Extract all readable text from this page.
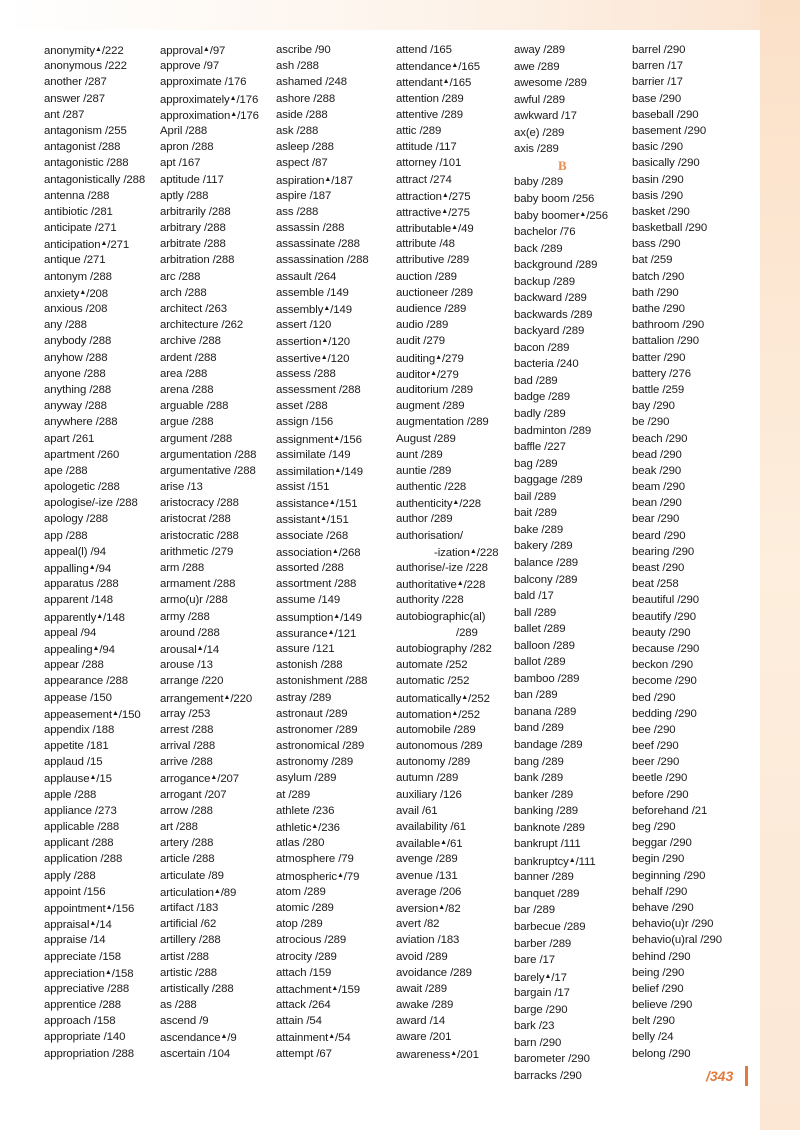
anonymity▲/222
anonymous /222
another /287
answer /287
ant /287
antagonism /255
antagonist /288
antagonistic /288
antagonistically /288
antenna /288
antibiotic /281
anticipate /271
anticipation▲/271
antique /271
antonym /288
anxiety▲/208
anxious /208
any /288
anybody /288
anyhow /288
anyone /288
anything /288
anyway /288
anywhere /288
apart /261
apartment /260
ape /288
apologetic /288
apologise/-ize /288
apology /288
app /288
appeal(l) /94
appalling▲/94
apparatus /288
apparent /148
apparently▲/148
appeal /94
appealing▲/94
appear /288
appearance /288
appease /150
appeasement▲/150
appendix /188
appetite /181
applaud /15
applause▲/15
apple /288
appliance /273
applicable /288
applicant /288
application /288
apply /288
appoint /156
appointment▲/156
appraisal▲/14
appraise /14
appreciate /158
appreciation▲/158
appreciative /288
apprentice /288
approach /158
appropriate /140
appropriation /288
approval▲/97
approve /97
approximate /176
approximately▲/176
approximation▲/176
April /288
apron /288
apt /167
aptitude /117
aptly /288
arbitrarily /288
arbitrary /288
arbitrate /288
arbitration /288
arc /288
arch /288
architect /263
architecture /262
archive /288
ardent /288
area /288
arena /288
arguable /288
argue /288
argument /288
argumentation /288
argumentative /288
arise /13
aristocracy /288
aristocrat /288
aristocratic /288
arithmetic /279
arm /288
armament /288
armo(u)r /288
army /288
around /288
arousal▲/14
arouse /13
arrange /220
arrangement▲/220
array /253
arrest /288
arrival /288
arrive /288
arrogance▲/207
arrogant /207
arrow /288
art /288
artery /288
article /288
articulate /89
articulation▲/89
artifact /183
artificial /62
artillery /288
artist /288
artistic /288
artistically /288
as /288
ascend /9
ascendance▲/9
ascertain /104
ascribe /90
ash /288
ashamed /248
ashore /288
aside /288
ask /288
asleep /288
aspect /87
aspiration▲/187
aspire /187
ass /288
assassin /288
assassinate /288
assassination /288
assault /264
assemble /149
assembly▲/149
assert /120
assertion▲/120
assertive▲/120
assess /288
assessment /288
asset /288
assign /156
assignment▲/156
assimilate /149
assimilation▲/149
assist /151
assistance▲/151
assistant▲/151
associate /268
association▲/268
assorted /288
assortment /288
assume /149
assumption▲/149
assurance▲/121
assure /121
astonish /288
astonishment /288
astray /289
astronaut /289
astronomer /289
astronomical /289
astronomy /289
asylum /289
at /289
athlete /236
athletic▲/236
atlas /280
atmosphere /79
atmospheric▲/79
atom /289
atomic /289
atop /289
atrocious /289
atrocity /289
attach /159
attachment▲/159
attack /264
attain /54
attainment▲/54
attempt /67
attend /165
attendance▲/165
attendant▲/165
attention /289
attentive /289
attic /289
attitude /117
attorney /101
attract /274
attraction▲/275
attractive▲/275
attributable▲/49
attribute /48
attributive /289
auction /289
auctioneer /289
audience /289
audio /289
audit /279
auditing▲/279
auditor▲/279
auditorium /289
augment /289
augmentation /289
August /289
aunt /289
auntie /289
authentic /228
authenticity▲/228
author /289
authorisation/
-ization▲/228
authorise/-ize /228
authoritative▲/228
authority /228
autobiographic(al)
/289
autobiography /282
automate /252
automatic /252
automatically▲/252
automation▲/252
automobile /289
autonomous /289
autonomy /289
autumn /289
auxiliary /126
avail /61
availability /61
available▲/61
avenge /289
avenue /131
average /206
aversion▲/82
avert /82
aviation /183
avoid /289
avoidance /289
await /289
awake /289
award /14
aware /201
awareness▲/201
away /289
awe /289
awesome /289
awful /289
awkward /17
ax(e) /289
axis /289
B
baby /289
baby boom /256
baby boomer▲/256
bachelor /76
back /289
background /289
backup /289
backward /289
backwards /289
backyard /289
bacon /289
bacteria /240
bad /289
badge /289
badly /289
badminton /289
baffle /227
bag /289
baggage /289
bail /289
bait /289
bake /289
bakery /289
balance /289
balcony /289
bald /17
ball /289
ballet /289
balloon /289
ballot /289
bamboo /289
ban /289
banana /289
band /289
bandage /289
bang /289
bank /289
banker /289
banking /289
banknote /289
bankrupt /111
bankruptcy▲/111
banner /289
banquet /289
bar /289
barbecue /289
barber /289
bare /17
barely▲/17
bargain /17
barge /290
bark /23
barn /290
barometer /290
barracks /290
barrel /290
barren /17
barrier /17
base /290
baseball /290
basement /290
basic /290
basically /290
basin /290
basis /290
basket /290
basketball /290
bass /290
bat /259
batch /290
bath /290
bathe /290
bathroom /290
battalion /290
batter /290
battery /276
battle /259
bay /290
be /290
beach /290
bead /290
beak /290
beam /290
bean /290
bear /290
beard /290
bearing /290
beast /290
beat /258
beautiful /290
beautify /290
beauty /290
because /290
beckon /290
become /290
bed /290
bedding /290
bee /290
beef /290
beer /290
beetle /290
before /290
beforehand /21
beg /290
beggar /290
begin /290
beginning /290
behalf /290
behave /290
behavio(u)r /290
behavio(u)ral /290
behind /290
being /290
belief /290
believe /290
belt /290
belly /24
belong /290
/343
